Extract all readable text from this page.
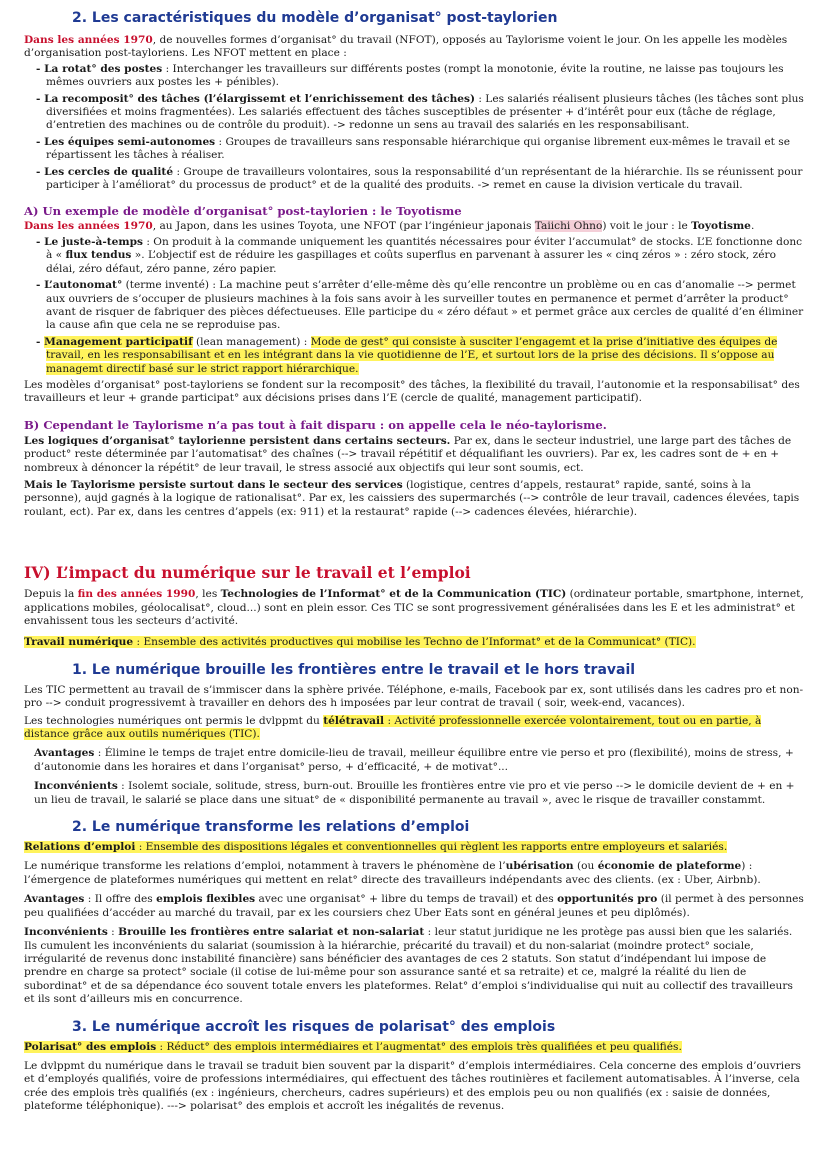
2. Les caractéristiques du modèle d’organisat° post-taylorien

Dans les années 1970, de nouvelles formes d’organisat° du travail (NFOT), opposés au Taylorisme voient le jour. On les appelle les modèles d’organisation post-tayloriens. Les NFOT mettent en place :

- La rotat° des postes : Interchanger les travailleurs sur différents postes (rompt la monotonie, évite la routine, ne laisse pas toujours les mêmes ouvriers aux postes les + pénibles).
- La recomposit° des tâches (l’élargissemt et l’enrichissement des tâches) : Les salariés réalisent plusieurs tâches (les tâches sont plus diversifiées et moins fragmentées). Les salariés effectuent des tâches susceptibles de présenter + d’intérêt pour eux (tâche de réglage, d’entretien des machines ou de contrôle du produit). -> redonne un sens au travail des salariés en les responsabilisant.
- Les équipes semi-autonomes : Groupes de travailleurs sans responsable hiérarchique qui organise librement eux-mêmes le travail et se répartissent les tâches à réaliser.
- Les cercles de qualité : Groupe de travailleurs volontaires, sous la responsabilité d’un représentant de la hiérarchie. Ils se réunissent pour participer à l’améliorat° du processus de product° et de la qualité des produits. -> remet en cause la division verticale du travail.

A) Un exemple de modèle d’organisat° post-taylorien : le Toyotisme

Dans les années 1970, au Japon, dans les usines Toyota, une NFOT (par l’ingénieur japonais Taiichi Ohno) voit le jour : le Toyotisme.

- Le juste-à-temps : On produit à la commande uniquement les quantités nécessaires pour éviter l’accumulat° de stocks. L’E fonctionne donc à « flux tendus ». L’objectif est de réduire les gaspillages et coûts superflus en parvenant à assurer les « cinq zéros » : zéro stock, zéro délai, zéro défaut, zéro panne, zéro papier.
- L’autonomat° (terme inventé) : La machine peut s’arrêter d’elle-même dès qu’elle rencontre un problème ou en cas d’anomalie --> permet aux ouvriers de s’occuper de plusieurs machines à la fois sans avoir à les surveiller toutes en permanence et permet d’arrêter la product° avant de risquer de fabriquer des pièces défectueuses. Elle participe du « zéro défaut » et permet grâce aux cercles de qualité d’en éliminer la cause afin que cela ne se reproduise pas.
- Management participatif (lean management) : Mode de gest° qui consiste à susciter l’engagemt et la prise d’initiative des équipes de travail, en les responsabilisant et en les intégrant dans la vie quotidienne de l’E, et surtout lors de la prise des décisions. Il s’oppose au managemt directif basé sur le strict rapport hiérarchique.

Les modèles d’organisat° post-tayloriens se fondent sur la recomposit° des tâches, la flexibilité du travail, l’autonomie et la responsabilisat° des travailleurs et leur + grande participat° aux décisions prises dans l’E (cercle de qualité, management participatif).

B) Cependant le Taylorisme n’a pas tout à fait disparu : on appelle cela le néo-taylorisme.

Les logiques d’organisat° taylorienne persistent dans certains secteurs. Par ex, dans le secteur industriel, une large part des tâches de product° reste déterminée par l’automatisat° des chaînes (--> travail répétitif et déqualifiant les ouvriers). Par ex, les cadres sont de + en + nombreux à dénoncer la répétit° de leur travail, le stress associé aux objectifs qui leur sont soumis, ect.

Mais le Taylorisme persiste surtout dans le secteur des services (logistique, centres d’appels, restaurat° rapide, santé, soins à la personne), aujd gagnés à la logique de rationalisat°. Par ex, les caissiers des supermarchés (--> contrôle de leur travail, cadences élevées, tapis roulant, ect). Par ex, dans les centres d’appels (ex: 911) et la restaurat° rapide (--> cadences élevées, hiérarchie).

IV) L’impact du numérique sur le travail et l’emploi

Depuis la fin des années 1990, les Technologies de l’Informat° et de la Communication (TIC) (ordinateur portable, smartphone, internet, applications mobiles, géolocalisat°, cloud...) sont en plein essor. Ces TIC se sont progressivement généralisées dans les E et les administrat° et envahissent tous les secteurs d’activité.

Travail numérique : Ensemble des activités productives qui mobilise les Techno de l’Informat° et de la Communicat° (TIC).

1. Le numérique brouille les frontières entre le travail et le hors travail

Les TIC permettent au travail de s’immiscer dans la sphère privée. Téléphone, e-mails, Facebook par ex, sont utilisés dans les cadres pro et non-pro --> conduit progressivemt à travailler en dehors des h imposées par leur contrat de travail ( soir, week-end, vacances).

Les technologies numériques ont permis le dvlppmt du télétravail : Activité professionnelle exercée volontairement, tout ou en partie, à distance grâce aux outils numériques (TIC).

Avantages : Élimine le temps de trajet entre domicile-lieu de travail, meilleur équilibre entre vie perso et pro (flexibilité), moins de stress, + d’autonomie dans les horaires et dans l’organisat° perso, + d’efficacité, + de motivat°...

Inconvénients : Isolemt sociale, solitude, stress, burn-out. Brouille les frontières entre vie pro et vie perso --> le domicile devient de + en + un lieu de travail, le salarié se place dans une situat° de « disponibilité permanente au travail », avec le risque de travailler constammt.

2. Le numérique transforme les relations d’emploi

Relations d’emploi : Ensemble des dispositions légales et conventionnelles qui règlent les rapports entre employeurs et salariés.

Le numérique transforme les relations d’emploi, notamment à travers le phénomène de l’ubérisation (ou économie de plateforme) : l’émergence de plateformes numériques qui mettent en relat° directe des travailleurs indépendants avec des clients. (ex : Uber, Airbnb).

Avantages : Il offre des emplois flexibles avec une organisat° + libre du temps de travail) et des opportunités pro (il permet à des personnes peu qualifiées d’accéder au marché du travail, par ex les coursiers chez Uber Eats sont en général jeunes et peu diplômés).

Inconvénients : Brouille les frontières entre salariat et non-salariat : leur statut juridique ne les protège pas aussi bien que les salariés. Ils cumulent les inconvénients du salariat (soumission à la hiérarchie, précarité du travail) et du non-salariat (moindre protect° sociale, irrégularité de revenus donc instabilité financière) sans bénéficier des avantages de ces 2 statuts. Son statut d’indépendant lui impose de prendre en charge sa protect° sociale (il cotise de lui-même pour son assurance santé et sa retraite) et ce, malgré la réalité du lien de subordinat° et de sa dépendance éco souvent totale envers les plateformes. Relat° d’emploi s’individualise qui nuit au collectif des travailleurs et ils sont d’ailleurs mis en concurrence.

3. Le numérique accroît les risques de polarisat° des emplois

Polarisat° des emplois : Réduct° des emplois intermédiaires et l’augmentat° des emplois très qualifiées et peu qualifiés.

Le dvlppmt du numérique dans le travail se traduit bien souvent par la disparit° d’emplois intermédiaires. Cela concerne des emplois d’ouvriers et d’employés qualifiés, voire de professions intermédiaires, qui effectuent des tâches routinières et facilement automatisables. À l’inverse, cela crée des emplois très qualifiés (ex : ingénieurs, chercheurs, cadres supérieurs) et des emplois peu ou non qualifiés (ex : saisie de données, plateforme téléphonique). ---> polarisat° des emplois et accroît les inégalités de revenus.
